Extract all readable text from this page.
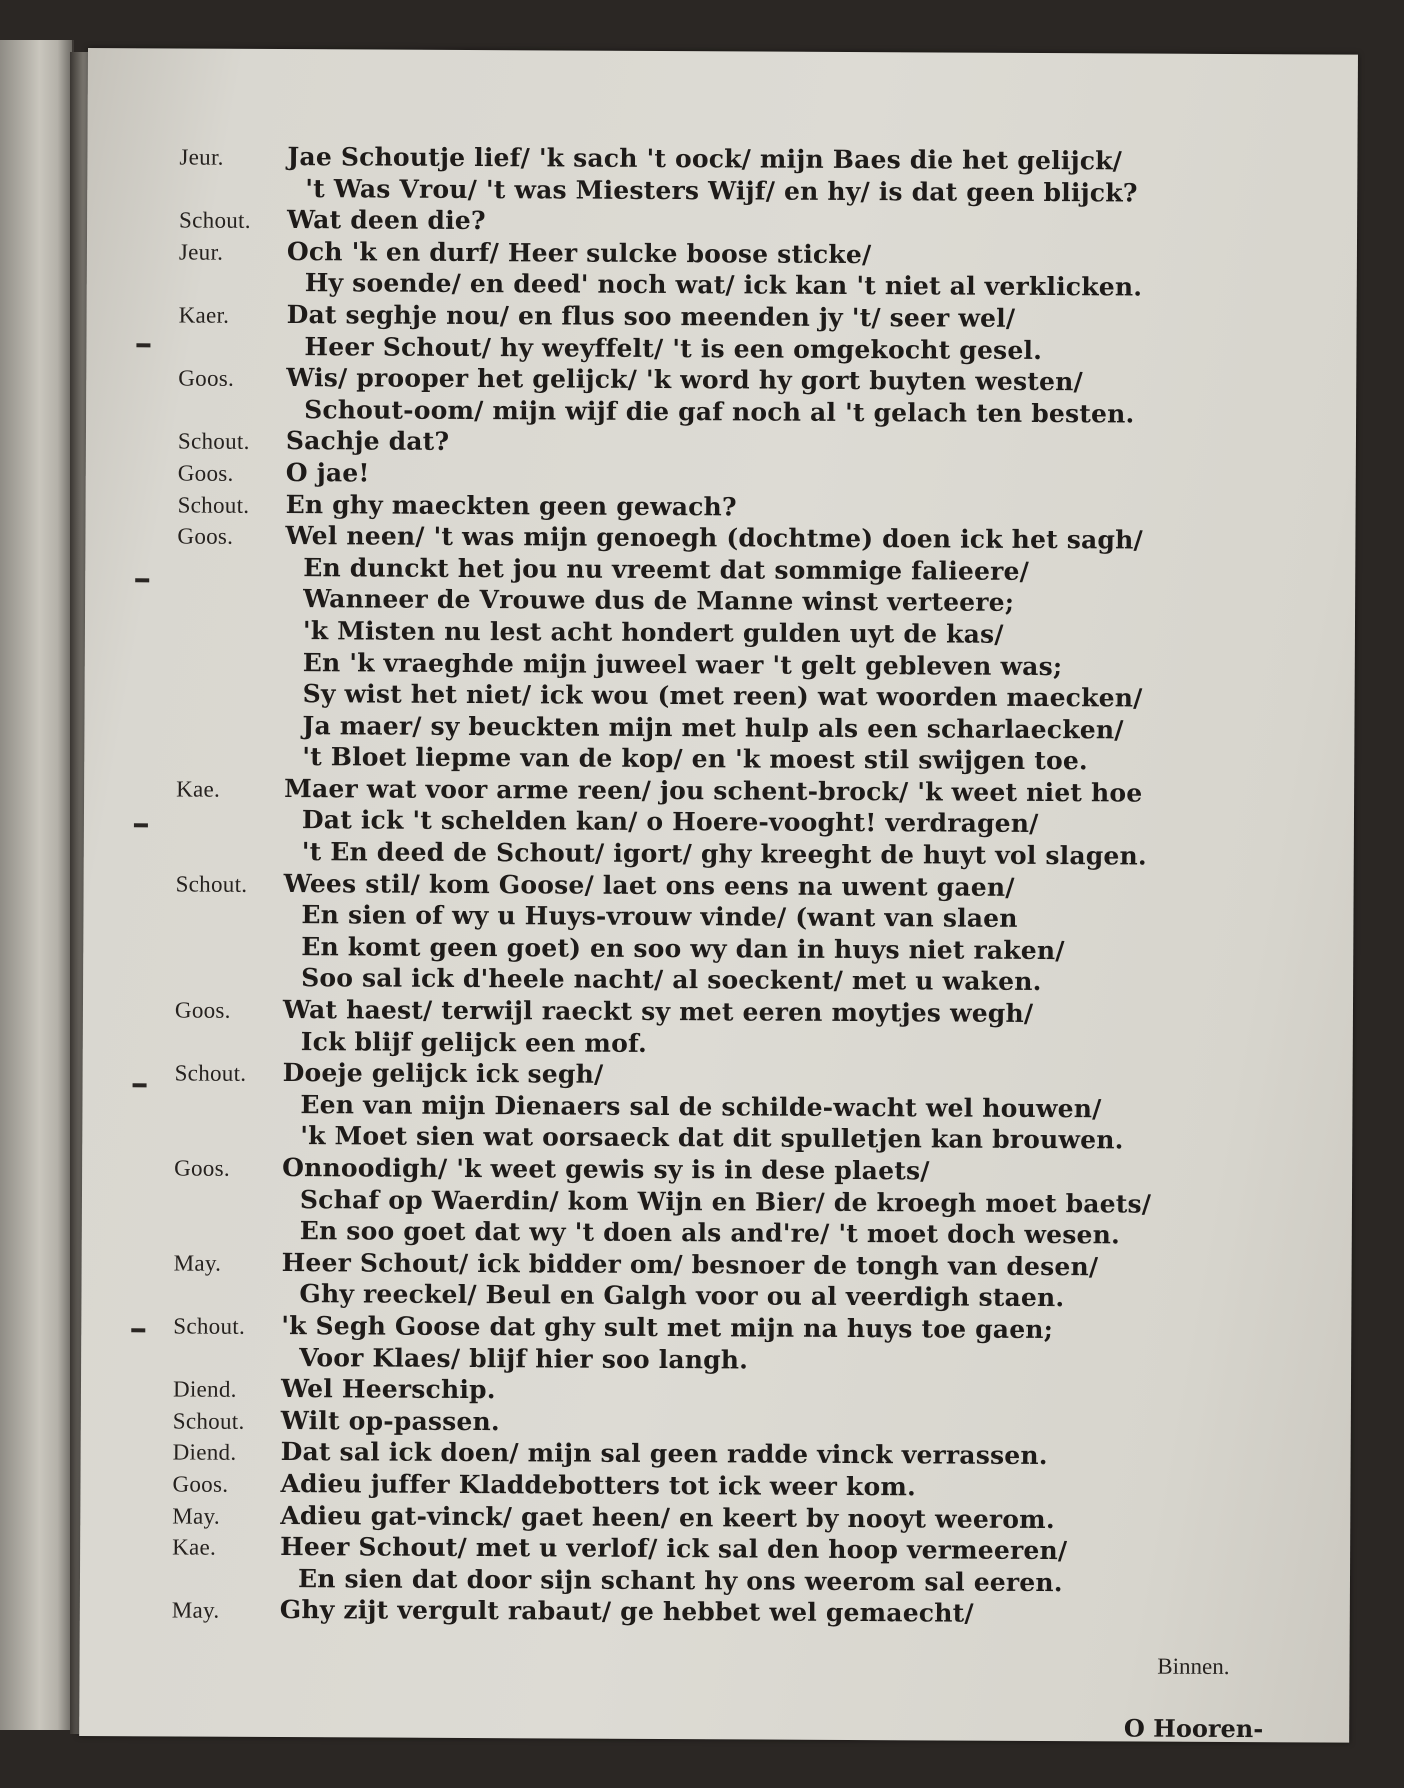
Jeur.	Jae Schoutje lief/ 'k sach 't oock/ mijn Baes die het gelijck/
't Was Vrou/ 't was Miesters Wijf/ en hy/ is dat geen blijck?
Schout. Wat deen die?
Jeur.	Och 'k en durf/ Heer sulcke boose sticke/
Hy soende/ en deed' noch wat/ ick kan 't niet al verklicken.
Kaer. Dat seghje nou/ en flus soo meenden jy 't/ seer wel/
Heer Schout/ hy weyffelt/ 't is een omgekocht gesel.
Goos. Wis/ prooper het gelijck/ 'k word hy gort buyten westen/
Schout-oom/ mijn wijf die gaf noch al 't gelach ten besten.
Schout. Sachje dat?
Goos. O jae!
Schout. En ghy maeckten geen gewach?
Goos. Wel neen/ 't was mijn genoegh (dochtme) doen ick het sagh/
En dunckt het jou nu vreemt dat sommige falieere/
Wanneer de Vrouwe dus de Manne winst verteere;
'k Misten nu lest acht hondert gulden uyt de kas/
En 'k vraeghde mijn juweel waer 't gelt gebleven was;
Sy wist het niet/ ick wou (met reen) wat woorden maecken/
Ja maer/ sy beuckten mijn met hulp als een scharlaecken/
't Bloet liepme van de kop/ en 'k moest stil swijgen toe.
Kae.	Maer wat voor arme reen/ jou schent-brock/ 'k weet niet hoe
Dat ick 't schelden kan/ o Hoere-vooght! verdragen/
't En deed de Schout/ igort/ ghy kreeght de huyt vol slagen.
Schout. Wees stil/ kom Goose/ laet ons eens na uwent gaen/
En sien of wy u Huys-vrouw vinde/ (want van slaen
En komt geen goet) en soo wy dan in huys niet raken/
Soo sal ick d'heele nacht/ al soeckent/ met u waken.
Goos. Wat haest/ terwijl raeckt sy met eeren moytjes wegh/
Ick blijf gelijck een mof.
Schout. Doeje gelijck ick segh/
Een van mijn Dienaers sal de schilde-wacht wel houwen/
'k Moet sien wat oorsaeck dat dit spulletjen kan brouwen.
Goos. Onnoodigh/ 'k weet gewis sy is in dese plaets/
Schaf op Waerdin/ kom Wijn en Bier/ de kroegh moet baets/
En soo goet dat wy 't doen als and're/ 't moet doch wesen.
May. Heer Schout/ ick bidder om/ besnoer de tongh van desen/
Ghy reeckel/ Beul en Galgh voor ou al veerdigh staen.
Schout. 'k Segh Goose dat ghy sult met mijn na huys toe gaen;
Voor Klaes/ blijf hier soo langh.
Diend. Wel Heerschip.
Schout. Wilt op-passen.
Diend. Dat sal ick doen/ mijn sal geen radde vinck verrassen.
Goos. Adieu juffer Kladdebotters tot ick weer kom.
May. Adieu gat-vinck/ gaet heen/ en keert by nooyt weerom.
Kae.	Heer Schout/ met u verlof/ ick sal den hoop vermeeren/
En sien dat door sijn schant hy ons weerom sal eeren.
May. Ghy zijt vergult rabaut/ ge hebbet wel gemaecht/
Binnen.
O Hooren-
